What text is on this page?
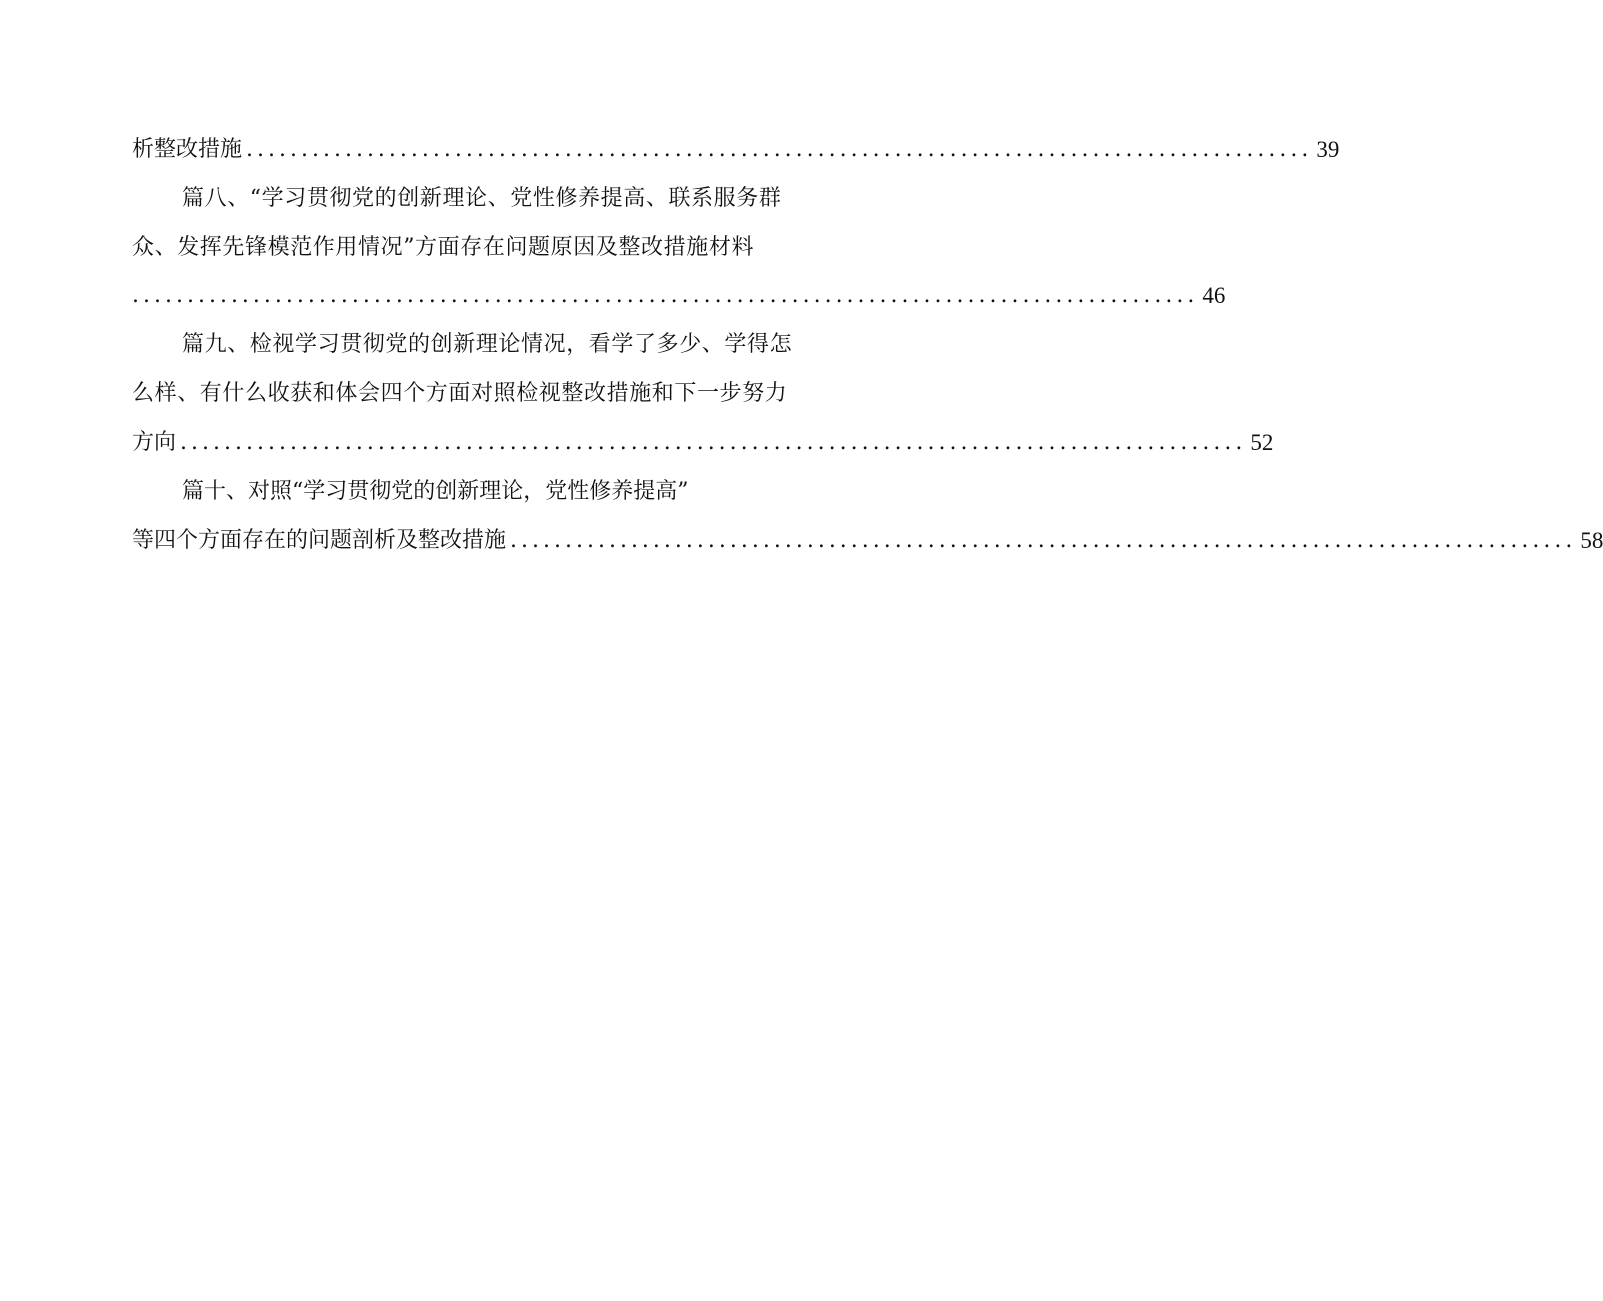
析整改措施 ................................................................................................. 39
篇八、“学习贯彻党的创新理论、党性修养提高、联系服务群
众、发挥先锋模范作用情况”方面存在问题原因及整改措施材料
................................................................................................. 46
篇九、检视学习贯彻党的创新理论情况，看学了多少、学得怎
么样、有什么收获和体会四个方面对照检视整改措施和下一步努力
方向 ................................................................................................. 52
篇十、对照“学习贯彻党的创新理论，党性修养提高”
等四个方面存在的问题剖析及整改措施 ................................................................................................. 58
